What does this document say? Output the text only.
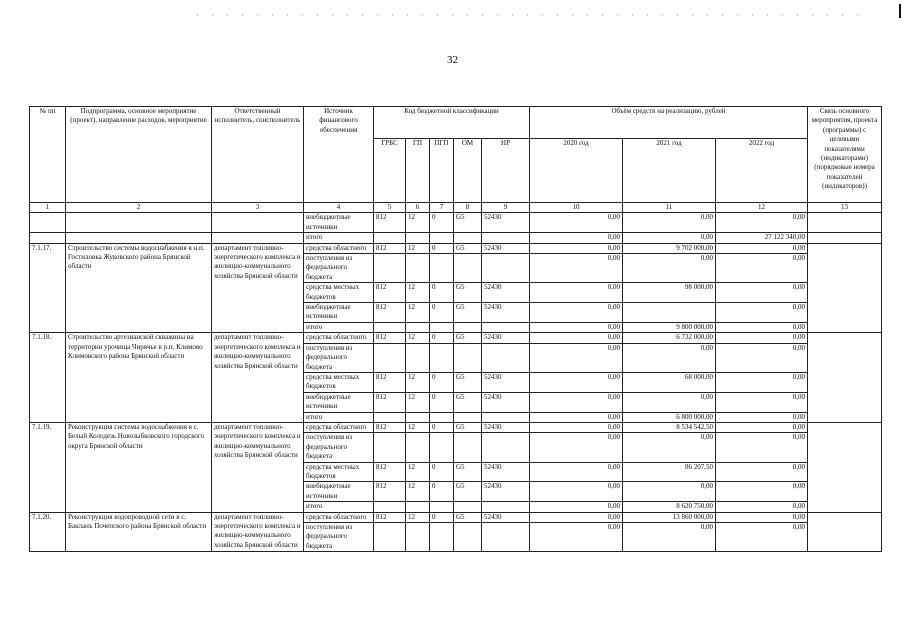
32
№ пп	Подпрограмма, основное мероприятие (проект), направление расходов, мероприятие	Ответственный исполнитель, соисполнитель	Источник финансового обеспечения	Код бюджетной классификации					Объём средств на реализацию, рублей			Связь основного мероприятия, проекта (программы) с целевыми показателями (индикаторами) (порядковые номера показателей (индикаторов))
				ГРБС	ГП	ПГП	ОМ	НР	2020 год	2021 год	2022 год	
1	2	3	4	5	6	7	8	9	10	11	12	13
			внебюджетные источники	812	12	0	G5	52430	0,00	0,00	0,00	
			итого						0,00	0,00	27 122 340,00	
7.1.17.	Строительство системы водоснабжения в н.п. Гостиловка Жуковского района Брянской области	департамент топливно-энергетического комплекса и жилищно-коммунального хозяйства Брянской области	средства областного	812	12	0	G5	52430	0,00	9 702 000,00	0,00	
			поступления из федерального бюджета						0,00	0,00	0,00	
			средства местных бюджетов	812	12	0	G5	52430	0,00	98 000,00	0,00	
			внебюджетные источники	812	12	0	G5	52430	0,00		0,00	
			итого						0,00	9 800 000,00	0,00	
7.1.18.	Строительство артезианской скважины на территории урочища Чирячье в р.п. Климово Климовского района Брянской области	департамент топливно-энергетического комплекса и жилищно-коммунального хозяйства Брянской области	средства областного	812	12	0	G5	52430	0,00	6 732 000,00	0,00	
			поступления из федерального бюджета						0,00	0,00	0,00	
			средства местных бюджетов	812	12	0	G5	52430	0,00	68 000,00	0,00	
			внебюджетные источники	812	12	0	G5	52430	0,00	0,00	0,00	
			итого						0,00	6 800 000,00	0,00	
7.1.19.	Реконструкция системы водоснабжения в с. Белый Колодезь Новозыбковского городского округа Брянской области	департамент топливно-энергетического комплекса и жилищно-коммунального хозяйства Брянской области	средства областного	812	12	0	G5	52430	0,00	8 534 542,50	0,00	
			поступления из федерального бюджета						0,00	0,00	0,00	
			средства местных бюджетов	812	12	0	G5	52430	0,00	86 207,50	0,00	
			внебюджетные источники	812	12	0	G5	52430	0,00	0,00	0,00	
			итого						0,00	8 620 750,00	0,00	
7.1.20.	Реконструкция водопроводной сети в с. Бакланъ Почепского района Брянской области	департамент топливно-энергетического комплекса и жилищно-коммунального хозяйства Брянской области	средства областного	812	12	0	G5	52430	0,00	13 860 000,00	0,00	
			поступления из федерального бюджета						0,00	0,00	0,00	
